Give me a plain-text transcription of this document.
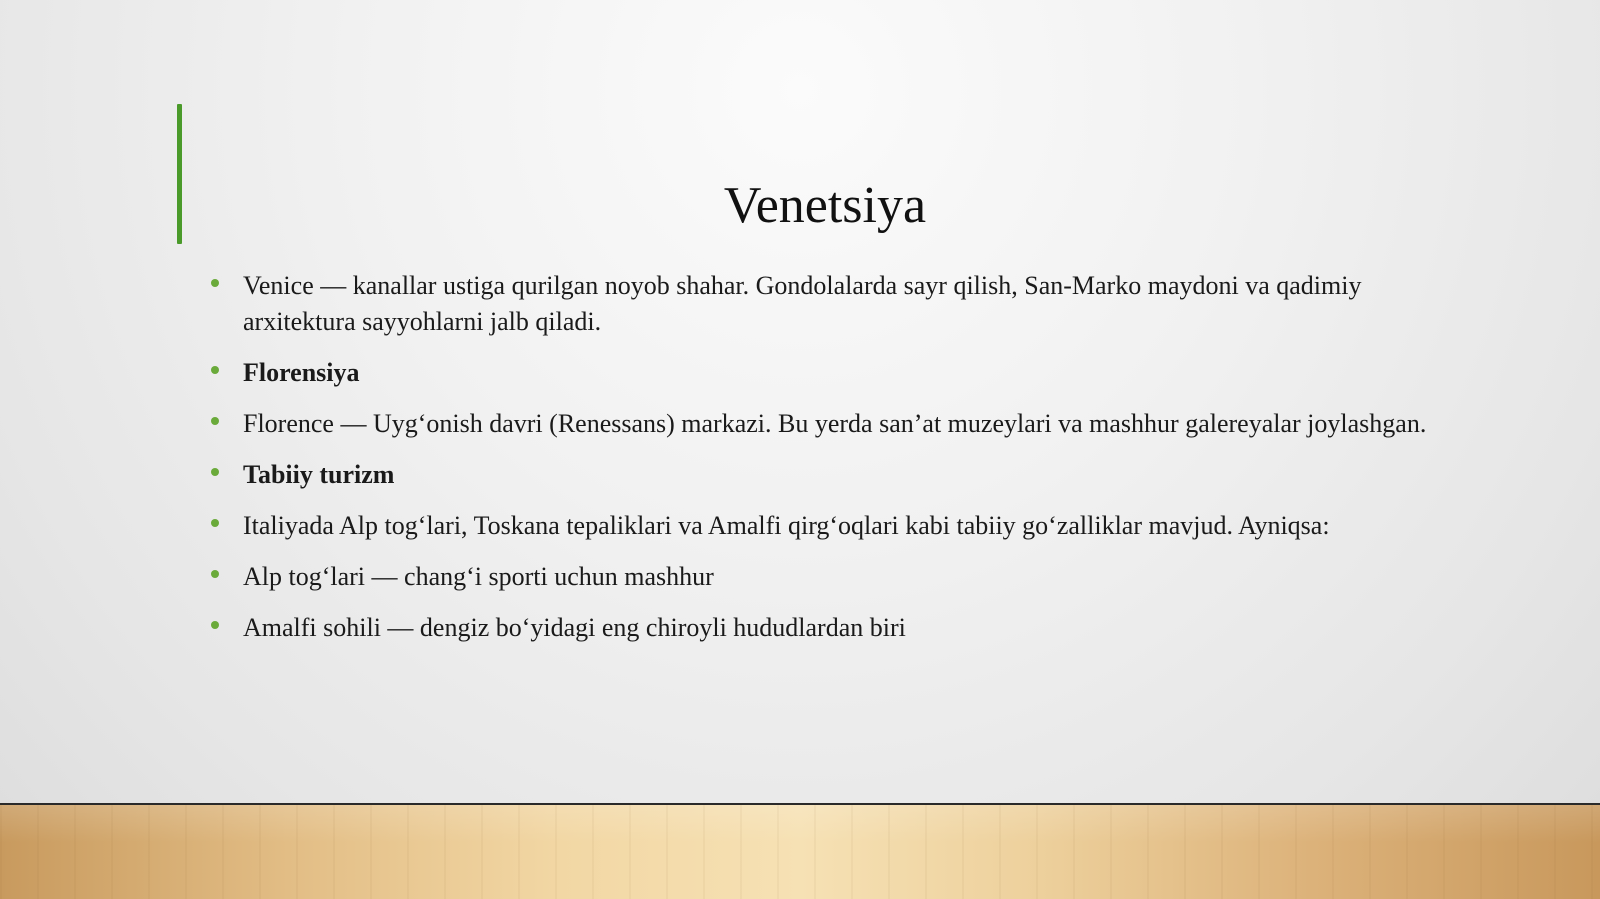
Venetsiya
Venice — kanallar ustiga qurilgan noyob shahar. Gondolalarda sayr qilish, San-Marko maydoni va qadimiy arxitektura sayyohlarni jalb qiladi.
Florensiya
Florence — Uyg‘onish davri (Renessans) markazi. Bu yerda san’at muzeylari va mashhur galereyalar joylashgan.
Tabiiy turizm
Italiyada Alp tog‘lari, Toskana tepaliklari va Amalfi qirg‘oqlari kabi tabiiy go‘zalliklar mavjud. Ayniqsa:
Alp tog‘lari — chang‘i sporti uchun mashhur
Amalfi sohili — dengiz bo‘yidagi eng chiroyli hududlardan biri
